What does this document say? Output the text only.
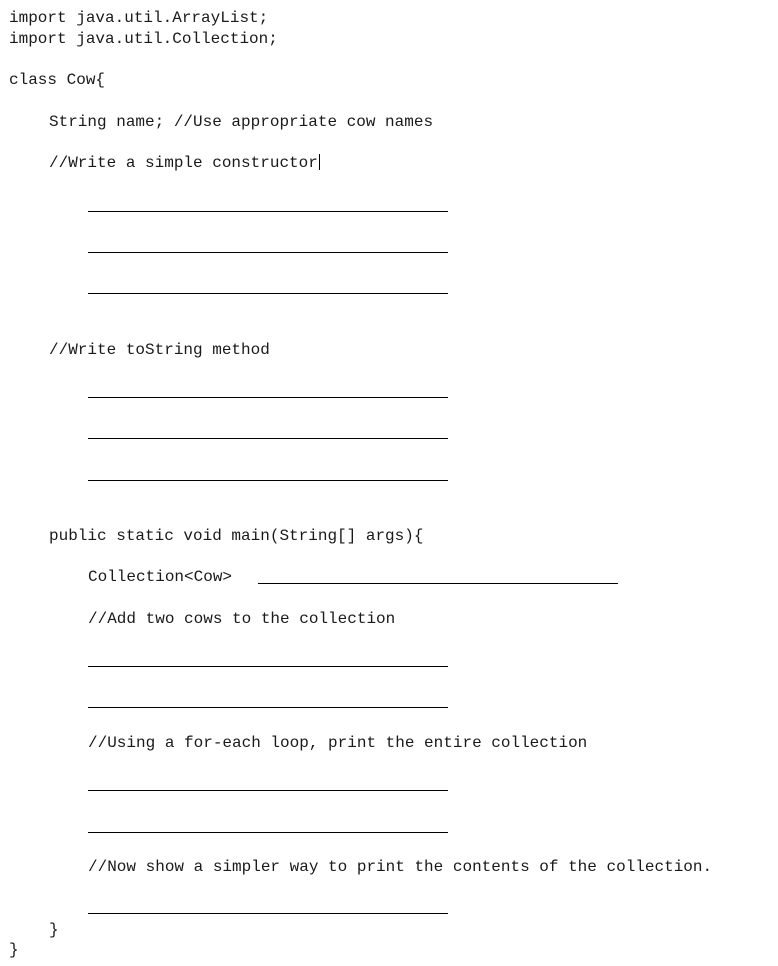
import java.util.ArrayList;
import java.util.Collection;
class Cow{
String name; //Use appropriate cow names
//Write a simple constructor
//Write toString method
public static void main(String[] args){
Collection<Cow>
//Add two cows to the collection
//Using a for-each loop, print the entire collection
//Now show a simpler way to print the contents of the collection.
}
}
